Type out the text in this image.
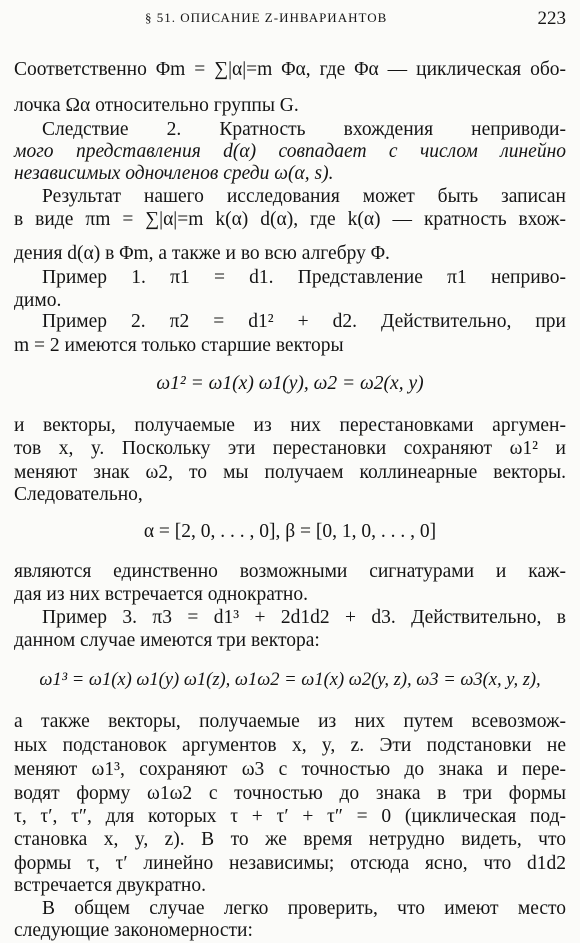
§ 51. ОПИСАНИЕ Z-ИНВАРИАНТОВ	223
Соответственно Φm = ∑|α|=m Φα, где Φα — циклическая обо-
лочка Ωα относительно группы G.
Следствие 2. Кратность вхождения неприводи-
мого представления d(α) совпадает с числом линейно
независимых одночленов среди ω(α, s).
Результат нашего исследования может быть записан
в виде πm = ∑|α|=m k(α) d(α), где k(α) — кратность вхож-
дения d(α) в Φm, а также и во всю алгебру Φ.
Пример 1. π1 = d1. Представление π1 неприво-
димо.
Пример 2. π2 = d1² + d2. Действительно, при
m = 2 имеются только старшие векторы
ω1² = ω1(x) ω1(y), ω2 = ω2(x, y)
и векторы, получаемые из них перестановками аргумен-
тов x, y. Поскольку эти перестановки сохраняют ω1² и
меняют знак ω2, то мы получаем коллинеарные векторы.
Следовательно,
α = [2, 0, . . . , 0], β = [0, 1, 0, . . . , 0]
являются единственно возможными сигнатурами и каж-
дая из них встречается однократно.
Пример 3. π3 = d1³ + 2d1d2 + d3. Действительно, в
данном случае имеются три вектора:
ω1³ = ω1(x) ω1(y) ω1(z), ω1ω2 = ω1(x) ω2(y, z), ω3 = ω3(x, y, z),
а также векторы, получаемые из них путем всевозмож-
ных подстановок аргументов x, y, z. Эти подстановки не
меняют ω1³, сохраняют ω3 с точностью до знака и пере-
водят форму ω1ω2 с точностью до знака в три формы
τ, τ′, τ″, для которых τ + τ′ + τ″ = 0 (циклическая под-
становка x, y, z). В то же время нетрудно видеть, что
формы τ, τ′ линейно независимы; отсюда ясно, что d1d2
встречается двукратно.
В общем случае легко проверить, что имеют место
следующие закономерности:
